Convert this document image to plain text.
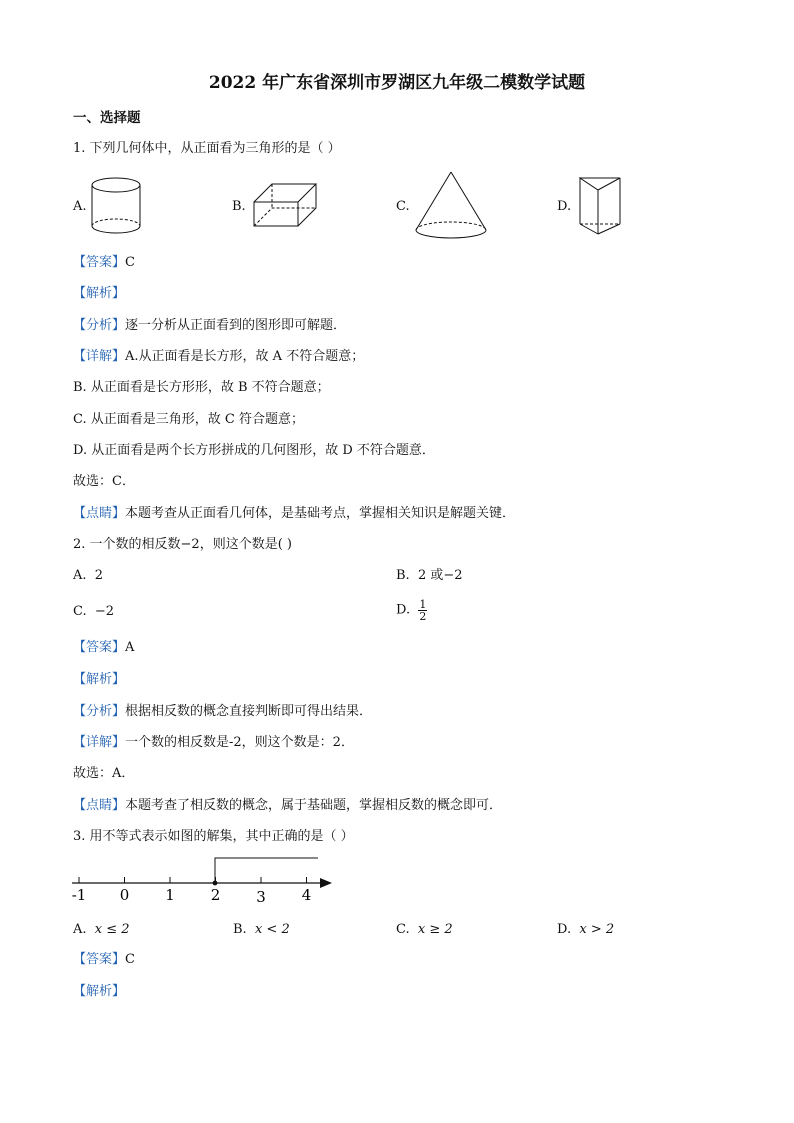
2022 年广东省深圳市罗湖区九年级二模数学试题
一、选择题
1. 下列几何体中，从正面看为三角形的是（ ）
A.	B.	C.	D.
【答案】C
【解析】
【分析】逐一分析从正面看到的图形即可解题．
【详解】A.从正面看是长方形，故 A 不符合题意；
B. 从正面看是长方形形，故 B 不符合题意；
C. 从正面看是三角形，故 C 符合题意；
D. 从正面看是两个长方形拼成的几何图形，故 D 不符合题意．
故选：C．
【点睛】本题考查从正面看几何体，是基础考点，掌握相关知识是解题关键．
2. 一个数的相反数−2，则这个数是( )
A. 2	B. 2 或−2
C. −2	D. $\frac{1}{2}$
【答案】A
【解析】
【分析】根据相反数的概念直接判断即可得出结果．
【详解】一个数的相反数是-2，则这个数是：2．
故选：A．
【点睛】本题考查了相反数的概念，属于基础题，掌握相反数的概念即可．
3. 用不等式表示如图的解集，其中正确的是（ ）
-1 0 1 2 3 4
A. x ≤ 2	B. x < 2	C. x ≥ 2	D. x > 2
【答案】C
【解析】
